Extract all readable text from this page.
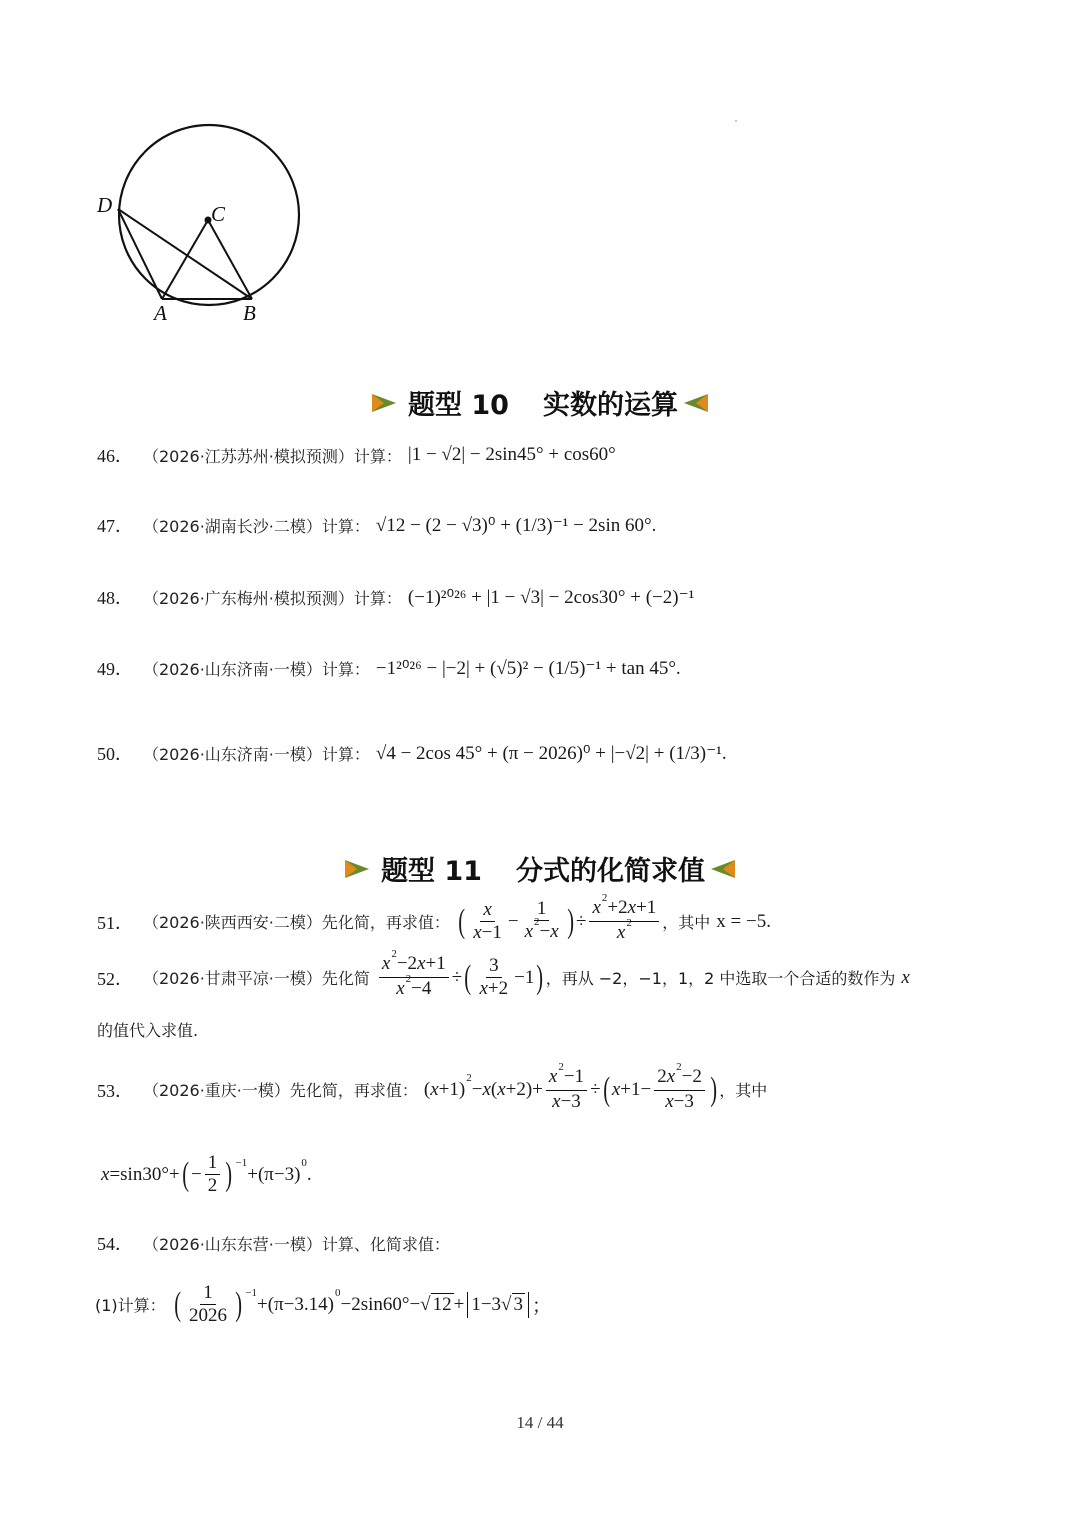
D	C
A	B
题型 10 实数的运算
46． （2026·江苏苏州·模拟预测）计算： |1 − √2| − 2sin45° + cos60°
47． （2026·湖南长沙·二模）计算： √12 − (2 − √3)⁰ + (1/3)⁻¹ − 2sin 60°.
48． （2026·广东梅州·模拟预测）计算： (−1)²⁰²⁶ + |1 − √3| − 2cos30° + (−2)⁻¹
49． （2026·山东济南·一模）计算： −1²⁰²⁶ − |−2| + (√5)² − (1/5)⁻¹ + tan 45°.
50． （2026·山东济南·一模）计算： √4 − 2cos 45° + (π − 2026)⁰ + |−√2| + (1/3)⁻¹.
题型 11 分式的化简求值
51． （2026·陕西西安·二模）先化简，再求值： ( $\frac{x}{x-1} - \frac{1}{x^2-x}$ ) ÷ $\frac{x^2+2x+1}{x^2}$ ，其中 x = −5.
52． （2026·甘肃平凉·一模）先化简 $\frac{x^2-2x+1}{x^2-4}$ ÷ ( $\frac{3}{x+2} -1$ ) ，再从 −2，−1，1，2 中选取一个合适的数作为 x
的值代入求值.
53． （2026·重庆·一模）先化简，再求值： ( x +1)
2
− x ( $x +2)+ \frac{x^2-1}{x-3}$ ÷ ( $x +1- \frac{2x^2-2}{x-3}$ ) ，其中
x =sin30°+ ( − $\frac{1}{2}$ ) −1
+(π−3)
0
.
54． （2026·山东东营·一模）计算、化简求值：
(1)计算： ( $\frac{1}{2026}$ ) −1
+(π−3.14)
0
−2sin60°−√ 12 + 1−3√ 3 ；
14 / 44
